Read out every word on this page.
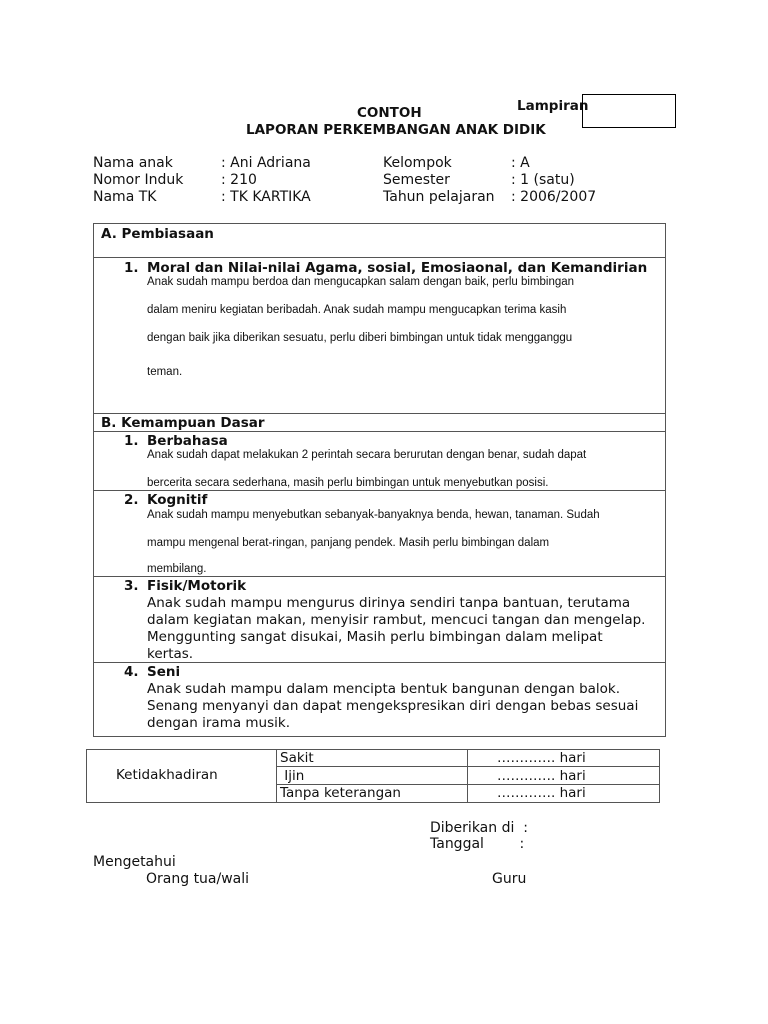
Lampiran
CONTOH
LAPORAN PERKEMBANGAN ANAK DIDIK
Nama anak	: Ani Adriana
Nomor Induk	: 210
Nama TK	: TK KARTIKA
Kelompok	: A
Semester	: 1 (satu)
Tahun pelajaran : 2006/2007
A. Pembiasaan
1. Moral dan Nilai-nilai Agama, sosial, Emosiaonal, dan Kemandirian
Anak sudah mampu berdoa dan mengucapkan salam dengan baik, perlu bimbingan
dalam meniru kegiatan beribadah. Anak sudah mampu mengucapkan terima kasih
dengan baik jika diberikan sesuatu, perlu diberi bimbingan untuk tidak mengganggu
teman.
B. Kemampuan Dasar
1. Berbahasa
Anak sudah dapat melakukan 2 perintah secara berurutan dengan benar, sudah dapat
bercerita secara sederhana, masih perlu bimbingan untuk menyebutkan posisi.
2. Kognitif
Anak sudah mampu menyebutkan sebanyak-banyaknya benda, hewan, tanaman. Sudah
mampu mengenal berat-ringan, panjang pendek. Masih perlu bimbingan dalam
membilang.
3. Fisik/Motorik
Anak sudah mampu mengurus dirinya sendiri tanpa bantuan, terutama
dalam kegiatan makan, menyisir rambut, mencuci tangan dan mengelap.
Menggunting sangat disukai, Masih perlu bimbingan dalam melipat
kertas.
4. Seni
Anak sudah mampu dalam mencipta bentuk bangunan dengan balok.
Senang menyanyi dan dapat mengekspresikan diri dengan bebas sesuai
dengan irama musik.
Ketidakhadiran
Sakit	…………. hari
Ijin	…………. hari
Tanpa keterangan	…………. hari
Diberikan di  :
Tanggal        :
Mengetahui
Orang tua/wali	Guru
